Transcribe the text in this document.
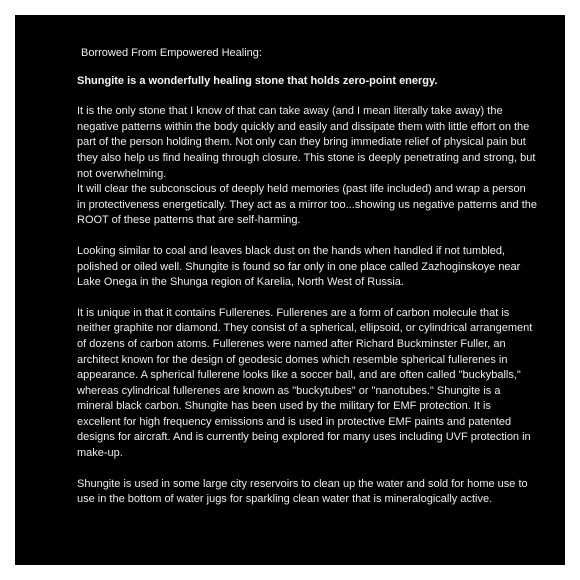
Borrowed From Empowered Healing:

Shungite is a wonderfully healing stone that holds zero-point energy.

It is the only stone that I know of that can take away (and I mean literally take away) the negative patterns within the body quickly and easily and dissipate them with little effort on the part of the person holding them. Not only can they bring immediate relief of physical pain but they also help us find healing through closure. This stone is deeply penetrating and strong, but not overwhelming.

It will clear the subconscious of deeply held memories (past life included) and wrap a person in protectiveness energetically. They act as a mirror too...showing us negative patterns and the ROOT of these patterns that are self-harming.

Looking similar to coal and leaves black dust on the hands when handled if not tumbled, polished or oiled well. Shungite is found so far only in one place called Zazhoginskoye near Lake Onega in the Shunga region of Karelia, North West of Russia.

It is unique in that it contains Fullerenes. Fullerenes are a form of carbon molecule that is neither graphite nor diamond. They consist of a spherical, ellipsoid, or cylindrical arrangement of dozens of carbon atoms. Fullerenes were named after Richard Buckminster Fuller, an architect known for the design of geodesic domes which resemble spherical fullerenes in appearance. A spherical fullerene looks like a soccer ball, and are often called "buckyballs," whereas cylindrical fullerenes are known as "buckytubes" or "nanotubes." Shungite is a mineral black carbon. Shungite has been used by the military for EMF protection. It is excellent for high frequency emissions and is used in protective EMF paints and patented designs for aircraft. And is currently being explored for many uses including UVF protection in make-up.

Shungite is used in some large city reservoirs to clean up the water and sold for home use to use in the bottom of water jugs for sparkling clean water that is mineralogically active.
